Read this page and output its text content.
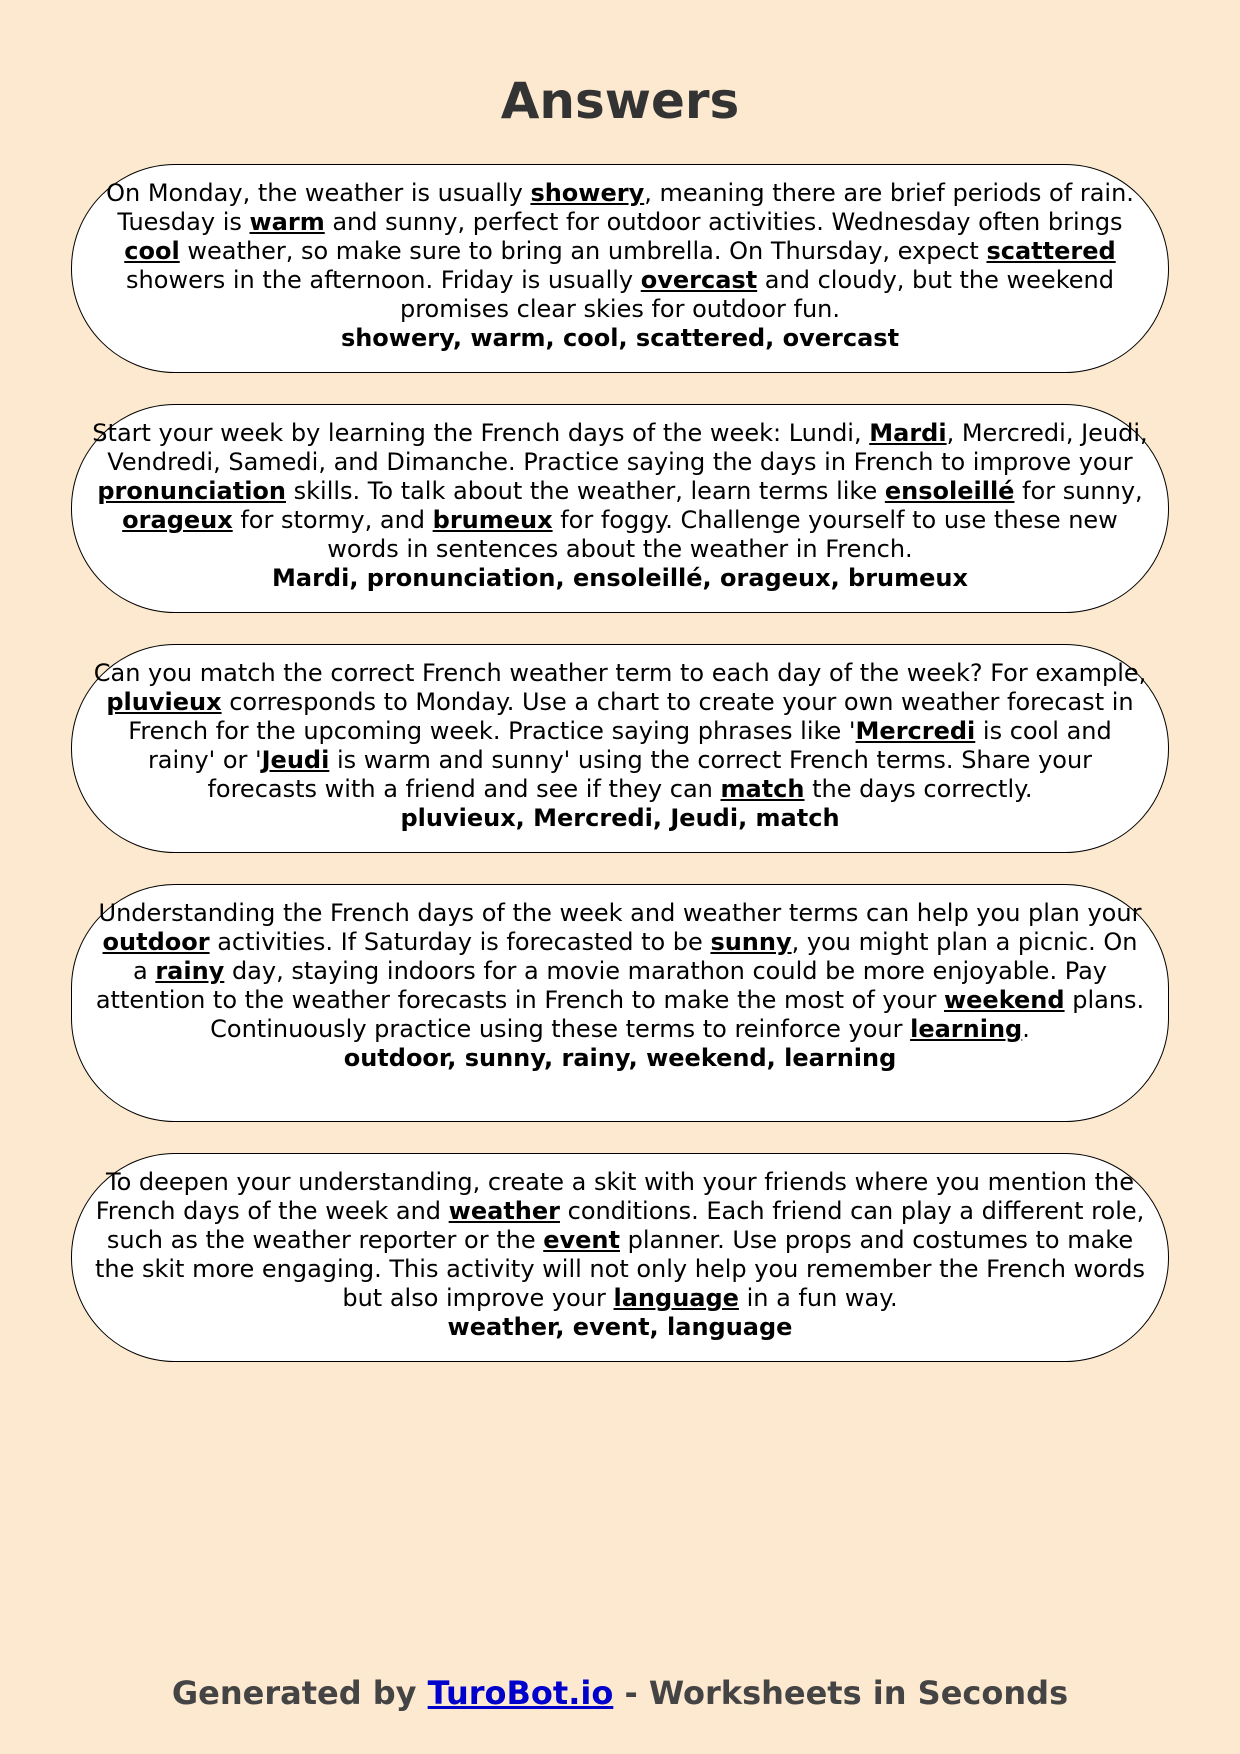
Answers

On Monday, the weather is usually showery, meaning there are brief periods of rain. Tuesday is warm and sunny, perfect for outdoor activities. Wednesday often brings cool weather, so make sure to bring an umbrella. On Thursday, expect scattered showers in the afternoon. Friday is usually overcast and cloudy, but the weekend promises clear skies for outdoor fun.

showery, warm, cool, scattered, overcast

Start your week by learning the French days of the week: Lundi, Mardi, Mercredi, Jeudi, Vendredi, Samedi, and Dimanche. Practice saying the days in French to improve your pronunciation skills. To talk about the weather, learn terms like ensoleillé for sunny, orageux for stormy, and brumeux for foggy. Challenge yourself to use these new words in sentences about the weather in French.

Mardi, pronunciation, ensoleillé, orageux, brumeux

Can you match the correct French weather term to each day of the week? For example, pluvieux corresponds to Monday. Use a chart to create your own weather forecast in French for the upcoming week. Practice saying phrases like 'Mercredi is cool and rainy' or 'Jeudi is warm and sunny' using the correct French terms. Share your forecasts with a friend and see if they can match the days correctly.

pluvieux, Mercredi, Jeudi, match

Understanding the French days of the week and weather terms can help you plan your outdoor activities. If Saturday is forecasted to be sunny, you might plan a picnic. On a rainy day, staying indoors for a movie marathon could be more enjoyable. Pay attention to the weather forecasts in French to make the most of your weekend plans. Continuously practice using these terms to reinforce your learning.

outdoor, sunny, rainy, weekend, learning

To deepen your understanding, create a skit with your friends where you mention the French days of the week and weather conditions. Each friend can play a different role, such as the weather reporter or the event planner. Use props and costumes to make the skit more engaging. This activity will not only help you remember the French words but also improve your language in a fun way.

weather, event, language

Generated by TuroBot.io - Worksheets in Seconds
